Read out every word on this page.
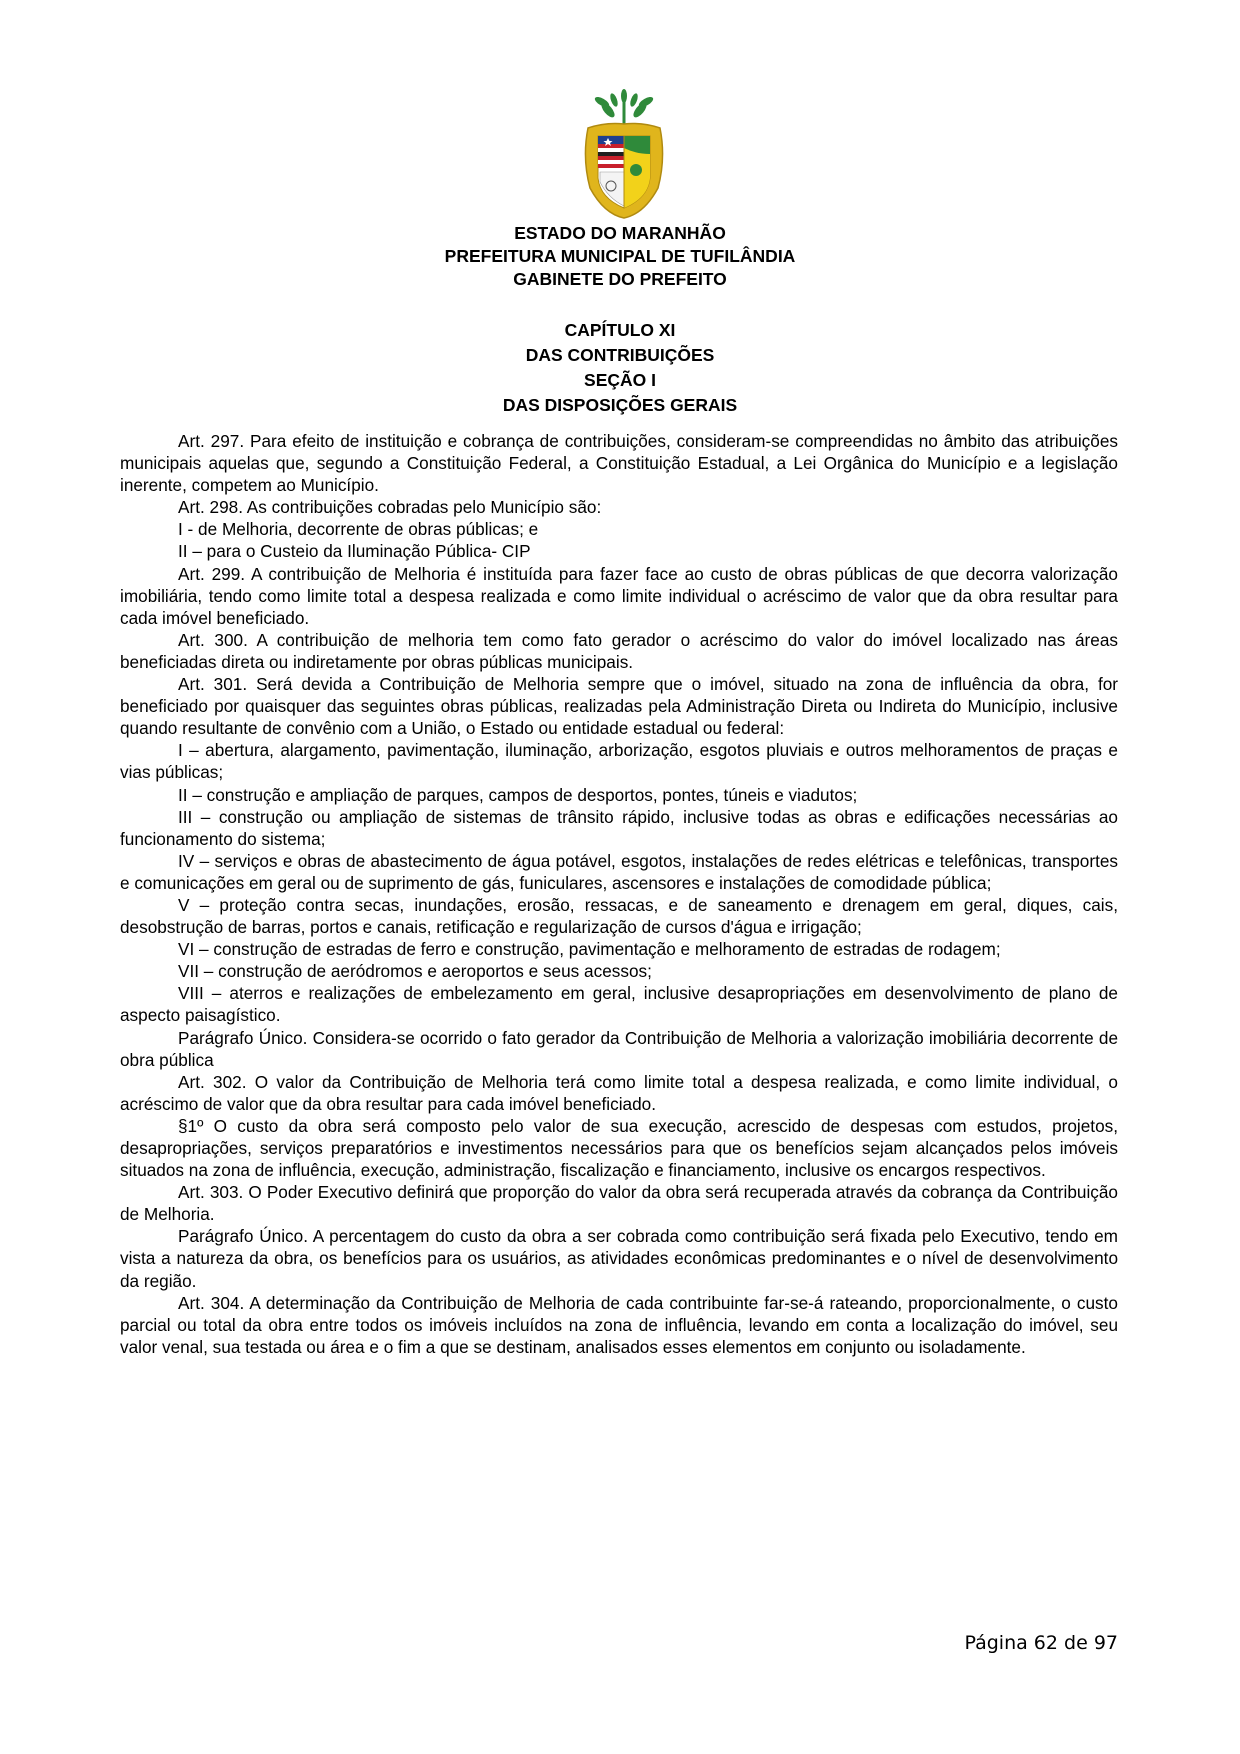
ESTADO DO MARANHÃO
PREFEITURA MUNICIPAL DE TUFILÂNDIA
GABINETE DO PREFEITO
CAPÍTULO XI
DAS CONTRIBUIÇÕES
SEÇÃO I
DAS DISPOSIÇÕES GERAIS

Art. 297. Para efeito de instituição e cobrança de contribuições, consideram-se compreendidas no âmbito das atribuições municipais aquelas que, segundo a Constituição Federal, a Constituição Estadual, a Lei Orgânica do Município e a legislação inerente, competem ao Município.

Art. 298. As contribuições cobradas pelo Município são:

I - de Melhoria, decorrente de obras públicas; e

II – para o Custeio da Iluminação Pública- CIP

Art. 299. A contribuição de Melhoria é instituída para fazer face ao custo de obras públicas de que decorra valorização imobiliária, tendo como limite total a despesa realizada e como limite individual o acréscimo de valor que da obra resultar para cada imóvel beneficiado.

Art. 300. A contribuição de melhoria tem como fato gerador o acréscimo do valor do imóvel localizado nas áreas beneficiadas direta ou indiretamente por obras públicas municipais.

Art. 301. Será devida a Contribuição de Melhoria sempre que o imóvel, situado na zona de influência da obra, for beneficiado por quaisquer das seguintes obras públicas, realizadas pela Administração Direta ou Indireta do Município, inclusive quando resultante de convênio com a União, o Estado ou entidade estadual ou federal:

I – abertura, alargamento, pavimentação, iluminação, arborização, esgotos pluviais e outros melhoramentos de praças e vias públicas;

II – construção e ampliação de parques, campos de desportos, pontes, túneis e viadutos;

III – construção ou ampliação de sistemas de trânsito rápido, inclusive todas as obras e edificações necessárias ao funcionamento do sistema;

IV – serviços e obras de abastecimento de água potável, esgotos, instalações de redes elétricas e telefônicas, transportes e comunicações em geral ou de suprimento de gás, funiculares, ascensores e instalações de comodidade pública;

V – proteção contra secas, inundações, erosão, ressacas, e de saneamento e drenagem em geral, diques, cais, desobstrução de barras, portos e canais, retificação e regularização de cursos d'água e irrigação;

VI – construção de estradas de ferro e construção, pavimentação e melhoramento de estradas de rodagem;

VII – construção de aeródromos e aeroportos e seus acessos;

VIII – aterros e realizações de embelezamento em geral, inclusive desapropriações em desenvolvimento de plano de aspecto paisagístico.

Parágrafo Único. Considera-se ocorrido o fato gerador da Contribuição de Melhoria a valorização imobiliária decorrente de obra pública

Art. 302. O valor da Contribuição de Melhoria terá como limite total a despesa realizada, e como limite individual, o acréscimo de valor que da obra resultar para cada imóvel beneficiado.

§1º O custo da obra será composto pelo valor de sua execução, acrescido de despesas com estudos, projetos, desapropriações, serviços preparatórios e investimentos necessários para que os benefícios sejam alcançados pelos imóveis situados na zona de influência, execução, administração, fiscalização e financiamento, inclusive os encargos respectivos.

Art. 303. O Poder Executivo definirá que proporção do valor da obra será recuperada através da cobrança da Contribuição de Melhoria.

Parágrafo Único. A percentagem do custo da obra a ser cobrada como contribuição será fixada pelo Executivo, tendo em vista a natureza da obra, os benefícios para os usuários, as atividades econômicas predominantes e o nível de desenvolvimento da região.

Art. 304. A determinação da Contribuição de Melhoria de cada contribuinte far-se-á rateando, proporcionalmente, o custo parcial ou total da obra entre todos os imóveis incluídos na zona de influência, levando em conta a localização do imóvel, seu valor venal, sua testada ou área e o fim a que se destinam, analisados esses elementos em conjunto ou isoladamente.

Página 62 de 97
